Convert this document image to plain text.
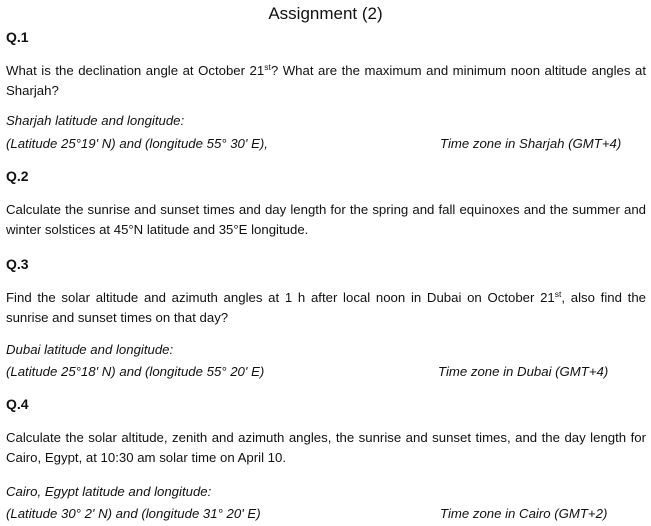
Assignment (2)
Q.1
What is the declination angle at October 21st? What are the maximum and minimum noon altitude angles at Sharjah?
Sharjah latitude and longitude:
(Latitude 25°19' N) and (longitude 55° 30' E),	Time zone in Sharjah (GMT+4)
Q.2
Calculate the sunrise and sunset times and day length for the spring and fall equinoxes and the summer and winter solstices at 45°N latitude and 35°E longitude.
Q.3
Find the solar altitude and azimuth angles at 1 h after local noon in Dubai on October 21st, also find the sunrise and sunset times on that day?
Dubai latitude and longitude:
(Latitude 25°18' N) and (longitude 55° 20' E)	Time zone in Dubai (GMT+4)
Q.4
Calculate the solar altitude, zenith and azimuth angles, the sunrise and sunset times, and the day length for Cairo, Egypt, at 10:30 am solar time on April 10.
Cairo, Egypt latitude and longitude:
(Latitude 30° 2' N) and (longitude 31° 20' E)	Time zone in Cairo (GMT+2)
